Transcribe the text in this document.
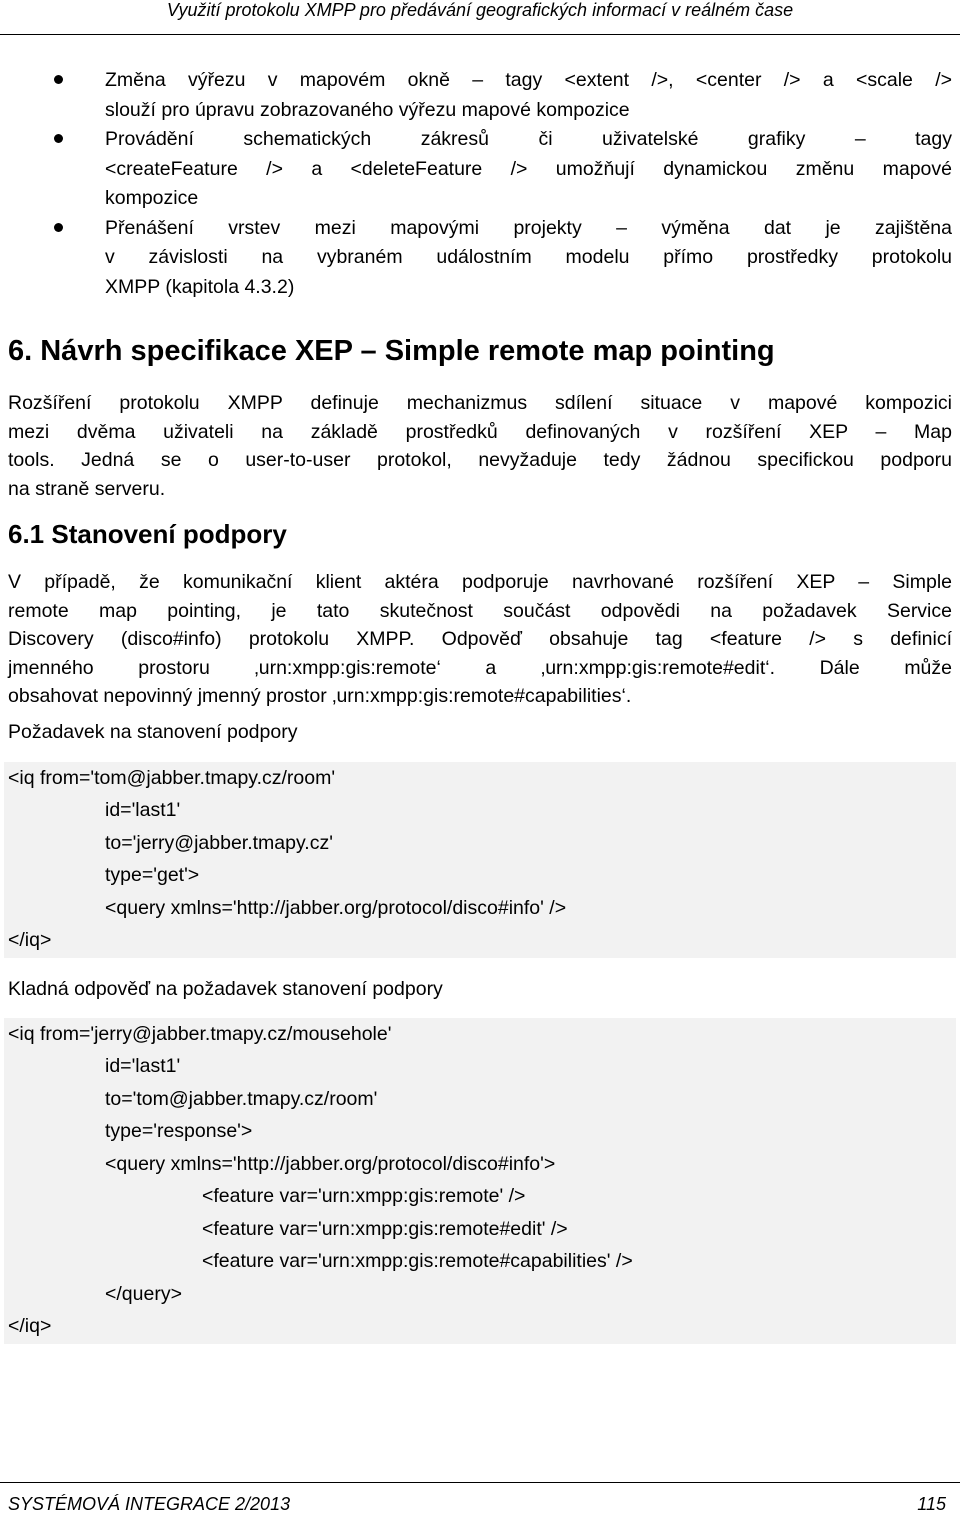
Využití protokolu XMPP pro předávání geografických informací v reálném čase
Změna výřezu v mapovém okně – tagy <extent />, <center /> a <scale />
slouží pro úpravu zobrazovaného výřezu mapové kompozice
Provádění schematických zákresů či uživatelské grafiky – tagy
<createFeature /> a <deleteFeature /> umožňují dynamickou změnu mapové
kompozice
Přenášení vrstev mezi mapovými projekty – výměna dat je zajištěna
v závislosti na vybraném událostním modelu přímo prostředky protokolu
XMPP (kapitola 4.3.2)
6. Návrh specifikace XEP – Simple remote map pointing
Rozšíření protokolu XMPP definuje mechanizmus sdílení situace v mapové kompozici
mezi dvěma uživateli na základě prostředků definovaných v rozšíření XEP – Map
tools. Jedná se o user-to-user protokol, nevyžaduje tedy žádnou specifickou podporu
na straně serveru.
6.1 Stanovení podpory
V případě, že komunikační klient aktéra podporuje navrhované rozšíření XEP – Simple
remote map pointing, je tato skutečnost součást odpovědi na požadavek Service
Discovery (disco#info) protokolu XMPP. Odpověď obsahuje tag <feature /> s definicí
jmenného prostoru ‚urn:xmpp:gis:remote‘ a ‚urn:xmpp:gis:remote#edit‘. Dále může
obsahovat nepovinný jmenný prostor ‚urn:xmpp:gis:remote#capabilities‘.
Požadavek na stanovení podpory
<iq from='tom@jabber.tmapy.cz/room'
id='last1'
to='jerry@jabber.tmapy.cz'
type='get'>
<query xmlns='http://jabber.org/protocol/disco#info' />
</iq>
Kladná odpověď na požadavek stanovení podpory
<iq from='jerry@jabber.tmapy.cz/mousehole'
id='last1'
to='tom@jabber.tmapy.cz/room'
type='response'>
<query xmlns='http://jabber.org/protocol/disco#info'>
<feature var='urn:xmpp:gis:remote' />
<feature var='urn:xmpp:gis:remote#edit' />
<feature var='urn:xmpp:gis:remote#capabilities' />
</query>
</iq>
SYSTÉMOVÁ INTEGRACE 2/2013	115
